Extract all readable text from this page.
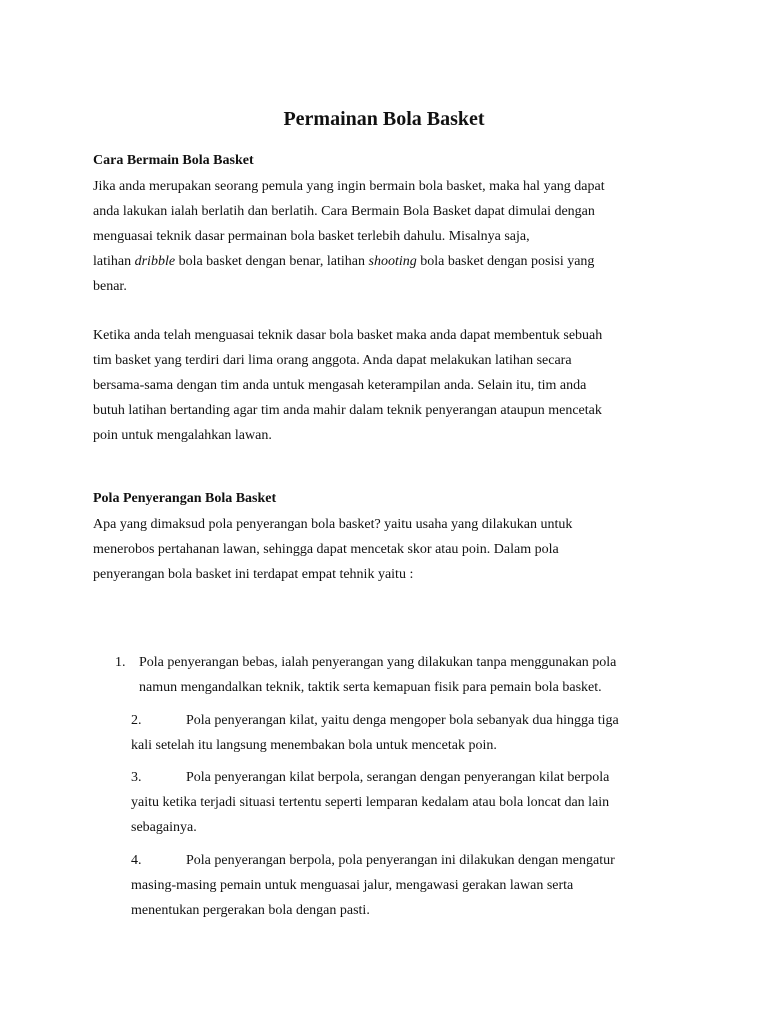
Permainan Bola Basket
Cara Bermain Bola Basket

Jika anda merupakan seorang pemula yang ingin bermain bola basket, maka hal yang dapat
anda lakukan ialah berlatih dan berlatih. Cara Bermain Bola Basket dapat dimulai dengan
menguasai teknik dasar permainan bola basket terlebih dahulu. Misalnya saja,
latihan dribble bola basket dengan benar, latihan shooting bola basket dengan posisi yang
benar.

Ketika anda telah menguasai teknik dasar bola basket maka anda dapat membentuk sebuah
tim basket yang terdiri dari lima orang anggota. Anda dapat melakukan latihan secara
bersama-sama dengan tim anda untuk mengasah keterampilan anda. Selain itu, tim anda
butuh latihan bertanding agar tim anda mahir dalam teknik penyerangan ataupun mencetak
poin untuk mengalahkan lawan.

Pola Penyerangan Bola Basket

Apa yang dimaksud pola penyerangan bola basket? yaitu usaha yang dilakukan untuk
menerobos pertahanan lawan, sehingga dapat mencetak skor atau poin. Dalam pola
penyerangan bola basket ini terdapat empat tehnik yaitu :

1. Pola penyerangan bebas, ialah penyerangan yang dilakukan tanpa menggunakan pola
namun mengandalkan teknik, taktik serta kemapuan fisik para pemain bola basket.
2.	Pola penyerangan kilat, yaitu denga mengoper bola sebanyak dua hingga tiga
kali setelah itu langsung menembakan bola untuk mencetak poin.
3.	Pola penyerangan kilat berpola, serangan dengan penyerangan kilat berpola
yaitu ketika terjadi situasi tertentu seperti lemparan kedalam atau bola loncat dan lain
sebagainya.
4.	Pola penyerangan berpola, pola penyerangan ini dilakukan dengan mengatur
masing-masing pemain untuk menguasai jalur, mengawasi gerakan lawan serta
menentukan pergerakan bola dengan pasti.
